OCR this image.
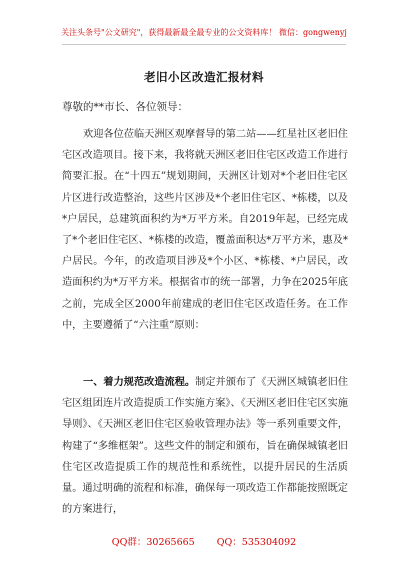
关注头条号"公文研究"，获得最新最全最专业的公文资料库！ 微信：gongwenyj
老旧小区改造汇报材料
尊敬的**市长、各位领导：
欢迎各位莅临天洲区观摩督导的第二站——红星社区老旧住宅区改造项目。接下来，我将就天洲区老旧住宅区改造工作进行简要汇报。在“十四五”规划期间，天洲区计划对*个老旧住宅区片区进行改造整治，这些片区涉及*个老旧住宅区、*栋楼，以及*户居民，总建筑面积约为*万平方米。自2019年起，已经完成了*个老旧住宅区、*栋楼的改造，覆盖面积达*万平方米，惠及*户居民。今年，的改造项目涉及*个小区、*栋楼、*户居民，改造面积约为*万平方米。根据省市的统一部署，力争在2025年底之前，完成全区2000年前建成的老旧住宅区改造任务。在工作中，主要遵循了“六注重”原则：
一、着力规范改造流程。制定并颁布了《天洲区城镇老旧住宅区组团连片改造提质工作实施方案》、《天洲区老旧住宅区实施导则》、《天洲区老旧住宅区验收管理办法》等一系列重要文件，构建了“多维框架”。这些文件的制定和颁布，旨在确保城镇老旧住宅区改造提质工作的规范性和系统性，以提升居民的生活质量。通过明确的流程和标准，确保每一项改造工作都能按照既定的方案进行，
QQ群：30265665 QQ：535304092
